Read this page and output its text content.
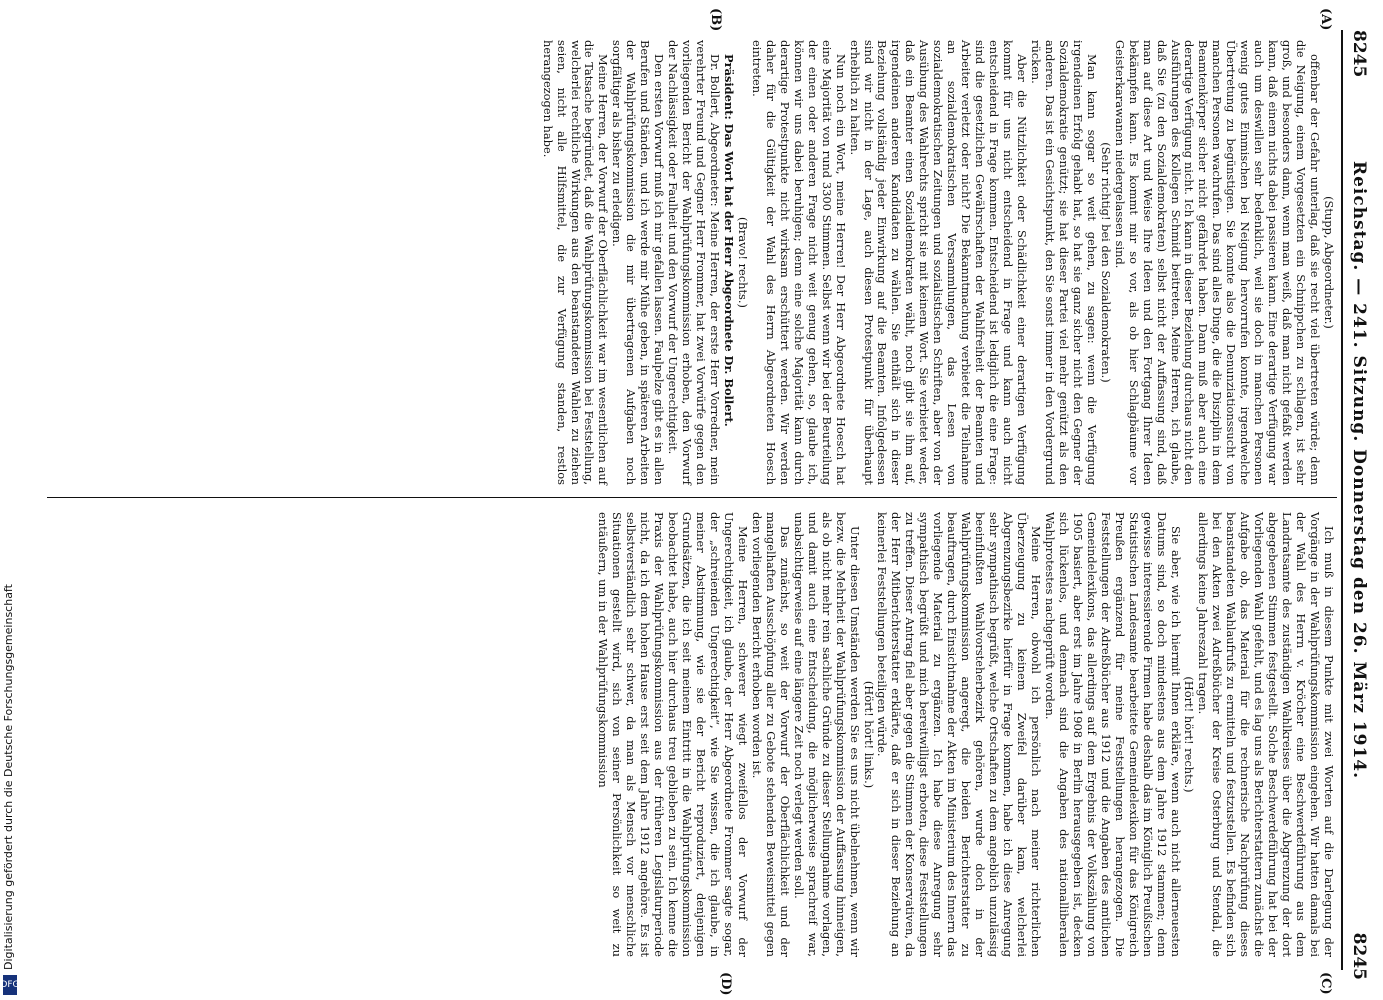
8245
Reichstag. — 241. Sitzung. Donnerstag den 26. März 1914.
8245
(A)
(B)
(C)
(D)

(Stupp, Abgeordneter.)

offenbar der Gefahr unterlag, daß sie recht viel übertreten würde; denn die Neigung, einem Vorgesetzten ein Schnippchen zu schlagen, ist sehr groß, und besonders dann, wenn man weiß, daß man nicht gefaßt werden kann, daß einem nichts dabei passieren kann. Eine derartige Verfügung war auch um deswillen sehr bedenklich, weil sie doch in manchen Personen wenig gutes Einmischen bei Neigung hervorrufen konnte, irgendwelche Übertretung zu begünstigen. Sie konnte also die Denunziationssucht von manchen Personen wachrufen. Das sind alles Dinge, die die Disziplin in dem Beamtenkörper sicher nicht gefährdet haben. Dann muß aber auch eine derartige Verfügung nicht. Ich kann in dieser Beziehung durchaus nicht den Ausführungen des Kollegen Schmidt beitreten. Meine Herren, ich glaube, daß Sie (zu den Sozialdemokraten) selbst nicht der Auffassung sind, daß man auf diese Art und Weise Ihre Ideen und den Fortgang Ihrer Ideen bekämpfen kann. Es kommt mir so vor, als ob hier Schlagbäume vor Geisterkarawanen niedergelassen sind.

(Sehr richtig! bei den Sozialdemokraten.)

Man kann sogar so weit gehen, zu sagen: wenn die Verfügung irgendeinen Erfolg gehabt hat, so hat sie ganz sicher nicht den Gegner der Sozialdemokratie genützt; sie hat dieser Partei viel mehr genützt als den anderen. Das ist ein Gesichtspunkt, den Sie sonst immer in den Vordergrund rücken.

Aber die Nützlichkeit oder Schädlichkeit einer derartigen Verfügung kommt für uns nicht entscheidend in Frage und kann auch nicht entscheidend in Frage kommen. Entscheidend ist lediglich die eine Frage: sind die gesetzlichen Gewährschaften der Wahlfreiheit der Beamten und Arbeiter verletzt oder nicht? Die Bekanntmachung verbietet die Teilnahme an sozialdemokratischen Versammlungen, das Lesen von sozialdemokratischen Zeitungen und sozialistischen Schriften, aber von der Ausübung des Wahlrechts spricht sie mit keinem Wort. Sie verbietet weder, daß ein Beamter einen Sozialdemokraten wählt, noch gibt sie ihm auf, irgendeinen anderen Kandidaten zu wählen. Sie enthält sich in dieser Beziehung vollständig jeder Einwirkung auf die Beamten. Infolgedessen sind wir nicht in der Lage, auch diesen Protestpunkt für überhaupt erheblich zu halten.

Nun noch ein Wort, meine Herren! Der Herr Abgeordnete Hoesch hat eine Majorität von rund 3300 Stimmen. Selbst wenn wir bei der Beurteilung der einen oder anderen Frage nicht weit genug gehen, so, glaube ich, können wir uns dabei beruhigen; denn eine solche Majorität kann durch derartige Protestpunkte nicht wirksam erschüttert werden. Wir werden daher für die Gültigkeit der Wahl des Herrn Abgeordneten Hoesch eintreten.

(Bravo! rechts.)

Präsident: Das Wort hat der Herr Abgeordnete Dr. Bollert.

Dr. Bollert, Abgeordneter: Meine Herren, der erste Herr Vorredner, mein verehrter Freund und Gegner Herr Frommer, hat zwei Vorwürfe gegen den vorliegenden Bericht der Wahlprüfungskommission erhoben, den Vorwurf der Nachlässigkeit oder Faulheit und den Vorwurf der Ungerechtigkeit.

Den ersten Vorwurf muß ich mir gefallen lassen. Faulpelze gibt es in allen Berufen und Ständen, und ich werde mir Mühe geben, in späteren Arbeiten der Wahlprüfungskommission die mir übertragenen Aufgaben noch sorgfältiger als bisher zu erledigen.

Meine Herren, der Vorwurf der Oberflächlichkeit war im wesentlichen auf die Tatsache begründet, daß die Wahlprüfungskommission bei Feststellung, welcherlei rechtliche Wirkungen aus den beanstandeten Wahlen zu ziehen seien, nicht alle Hilfsmittel, die zur Verfügung standen, restlos herangezogen habe.

Ich muß in diesem Punkte mit zwei Worten auf die Darlegung der Vorgänge in der Wahlprüfungskommission eingehen. Wir hatten damals bei der Wahl des Herrn v. Kröcher eine Beschwerdeführung aus dem Landratsamte des zuständigen Wahlkreises über die Abgrenzung der dort abgegebenen Stimmen festgestellt. Solche Beschwerdeführung hat bei der Vorliegenden Wahl gefehlt, und es lag uns als Berichterstattern zunächst die Aufgabe ob, das Material für die rechnerische Nachprüfung dieses beanstandeten Wahlaufrufs zu ermitteln und festzustellen. Es befinden sich bei den Akten zwei Adreßbücher der Kreise Osterburg und Stendal, die allerdings keine Jahreszahl tragen.

(Hört! hört! rechts.)

Sie aber, wie ich hiermit Ihnen erkläre, wenn auch nicht allerneuesten Datums sind, so doch mindestens aus dem Jahre 1912 stammen; denn gewisse interessierende Firmen habe deshalb das im Königlich Preußischen Statistischen Landesamte bearbeitete Gemeindelexikon für das Königreich Preußen ergänzend für meine Feststellungen herangezogen. Die Feststellungen der Adreßbücher aus 1912 und die Angaben des amtlichen Gemeindelexikons, das allerdings auf dem Ergebnis der Volkszählung von 1905 basiert, aber erst im Jahre 1908 in Berlin herausgegeben ist, decken sich lückenlos, und demnach sind die Angaben des nationalliberalen Wahlprotestes nachgeprüft worden.

Meine Herren, obwohl ich persönlich nach meiner richterlichen Überzeugung zu keinem Zweifel darüber kam, welcherlei Abgrenzungsbezirke hierfür in Frage kommen, habe ich diese Anregung sehr sympathisch begrüßt, welche Ortschaften zu dem angeblich unzulässig beeinflußten Wahlvorsteherbezirk gehören, wurde doch in der Wahlprüfungskommission angeregt, die beiden Berichterstatter zu beauftragen, durch Einsichtnahme der Akten im Ministerium des Innern das vorliegende Material zu ergänzen. Ich habe diese Anregung sehr sympathisch begrüßt und mich bereitwilligst erboten, diese Feststellungen zu treffen. Dieser Antrag fiel aber gegen die Stimmen der Konservativen, da der Herr Mitberichterstatter erklärte, daß er sich in dieser Beziehung an keinerlei Feststellungen beteiligen würde.

(Hört! hört! links.)

Unter diesen Umständen werden Sie es uns nicht übelnehmen, wenn wir bezw. die Mehrheit der Wahlprüfungskommission der Auffassung hinneigen, als ob nicht mehr rein sachliche Gründe zu dieser Stellungnahme vorlagen, und damit auch eine Entscheidung, die möglicherweise sprachreif war, unabsichtigerweise auf eine längere Zeit noch verlegt werden soll.

Das zunächst, so weit der Vorwurf der Oberflächlichkeit und der mangelhaften Ausschöpfung aller zu Gebote stehenden Beweismittel gegen den vorliegenden Bericht erhoben worden ist.

Meine Herren, schwerer wiegt zweifellos der Vorwurf der Ungerechtigkeit, ich glaube, der Herr Abgeordnete Frommer sagte sogar, der „schreienden Ungerechtigkeit“, wie Sie wissen, die ich glaube, in meiner Abstimmung, wie sie der Bericht reproduziert, denjenigen Grundsätzen, die ich seit meinem Eintritt in die Wahlprüfungskommission beobachtet habe, auch hier durchaus treu geblieben zu sein. Ich kenne die Praxis der Wahlprüfungskommission aus der früheren Legislaturperiode nicht, da ich dem hohen Hause erst seit dem Jahre 1912 angehöre. Es ist selbstverständlich sehr schwer, da man als Mensch vor menschliche Situationen gestellt wird, sich von seiner Persönlichkeit so weit zu entäußern, um in der Wahlprüfungskommission

Digitalisierung gefördert durch die Deutsche Forschungsgemeinschaft
DFG
